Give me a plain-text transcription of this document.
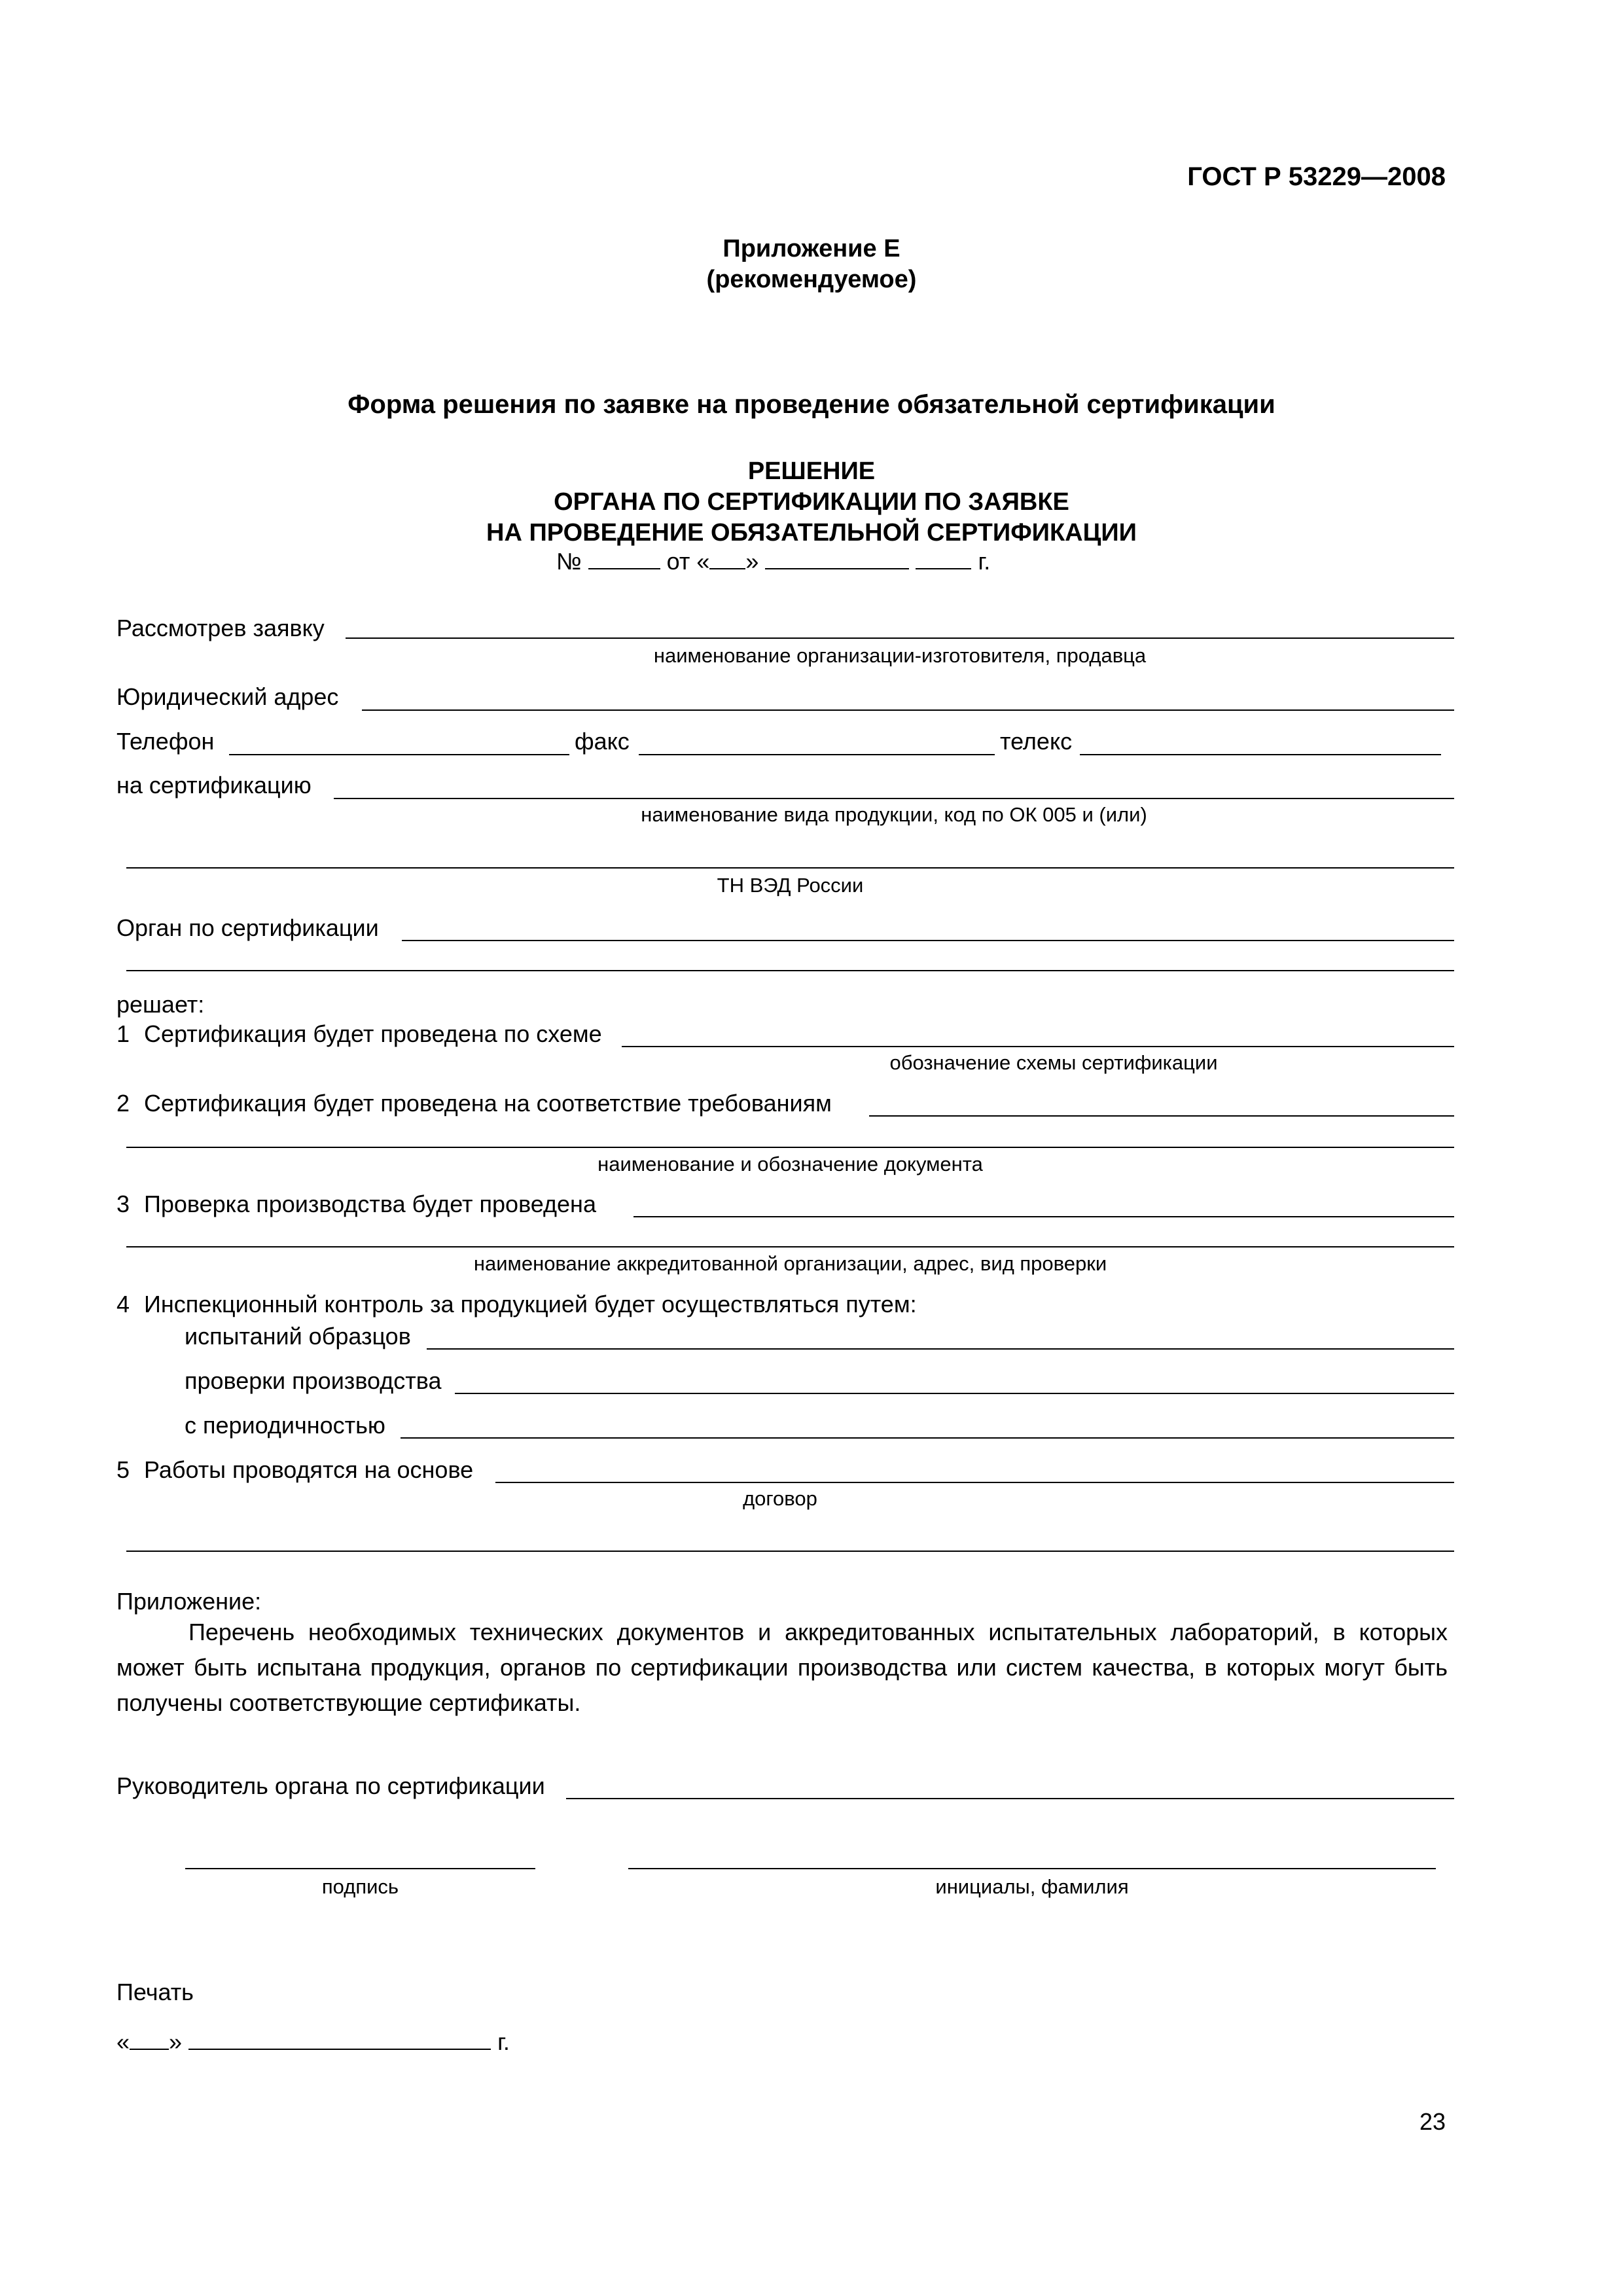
ГОСТ Р 53229—2008
Приложение Е
(рекомендуемое)
Форма решения по заявке на проведение обязательной сертификации
РЕШЕНИЕ
ОРГАНА ПО СЕРТИФИКАЦИИ ПО ЗАЯВКЕ
НА ПРОВЕДЕНИЕ ОБЯЗАТЕЛЬНОЙ СЕРТИФИКАЦИИ
№	от « »	г.
Рассмотрев заявку
наименование организации-изготовителя, продавца
Юридический адрес
Телефон	факс	телекс
на сертификацию
наименование вида продукции, код по ОК 005 и (или)
ТН ВЭД России
Орган по сертификации
решает:
1 Сертификация будет проведена по схеме
обозначение схемы сертификации
2 Сертификация будет проведена на соответствие требованиям
наименование и обозначение документа
3 Проверка производства будет проведена
наименование аккредитованной организации, адрес, вид проверки
4 Инспекционный контроль за продукцией будет осуществляться путем:
испытаний образцов
проверки производства
с периодичностью
5 Работы проводятся на основе
договор
Приложение:
Перечень необходимых технических документов и аккредитованных испытательных лабораторий, в которых может быть испытана продукция, органов по сертификации производства или систем качества, в которых могут быть получены соответствующие сертификаты.
Руководитель органа по сертификации
подпись	инициалы, фамилия
Печать
« »	г.
23
